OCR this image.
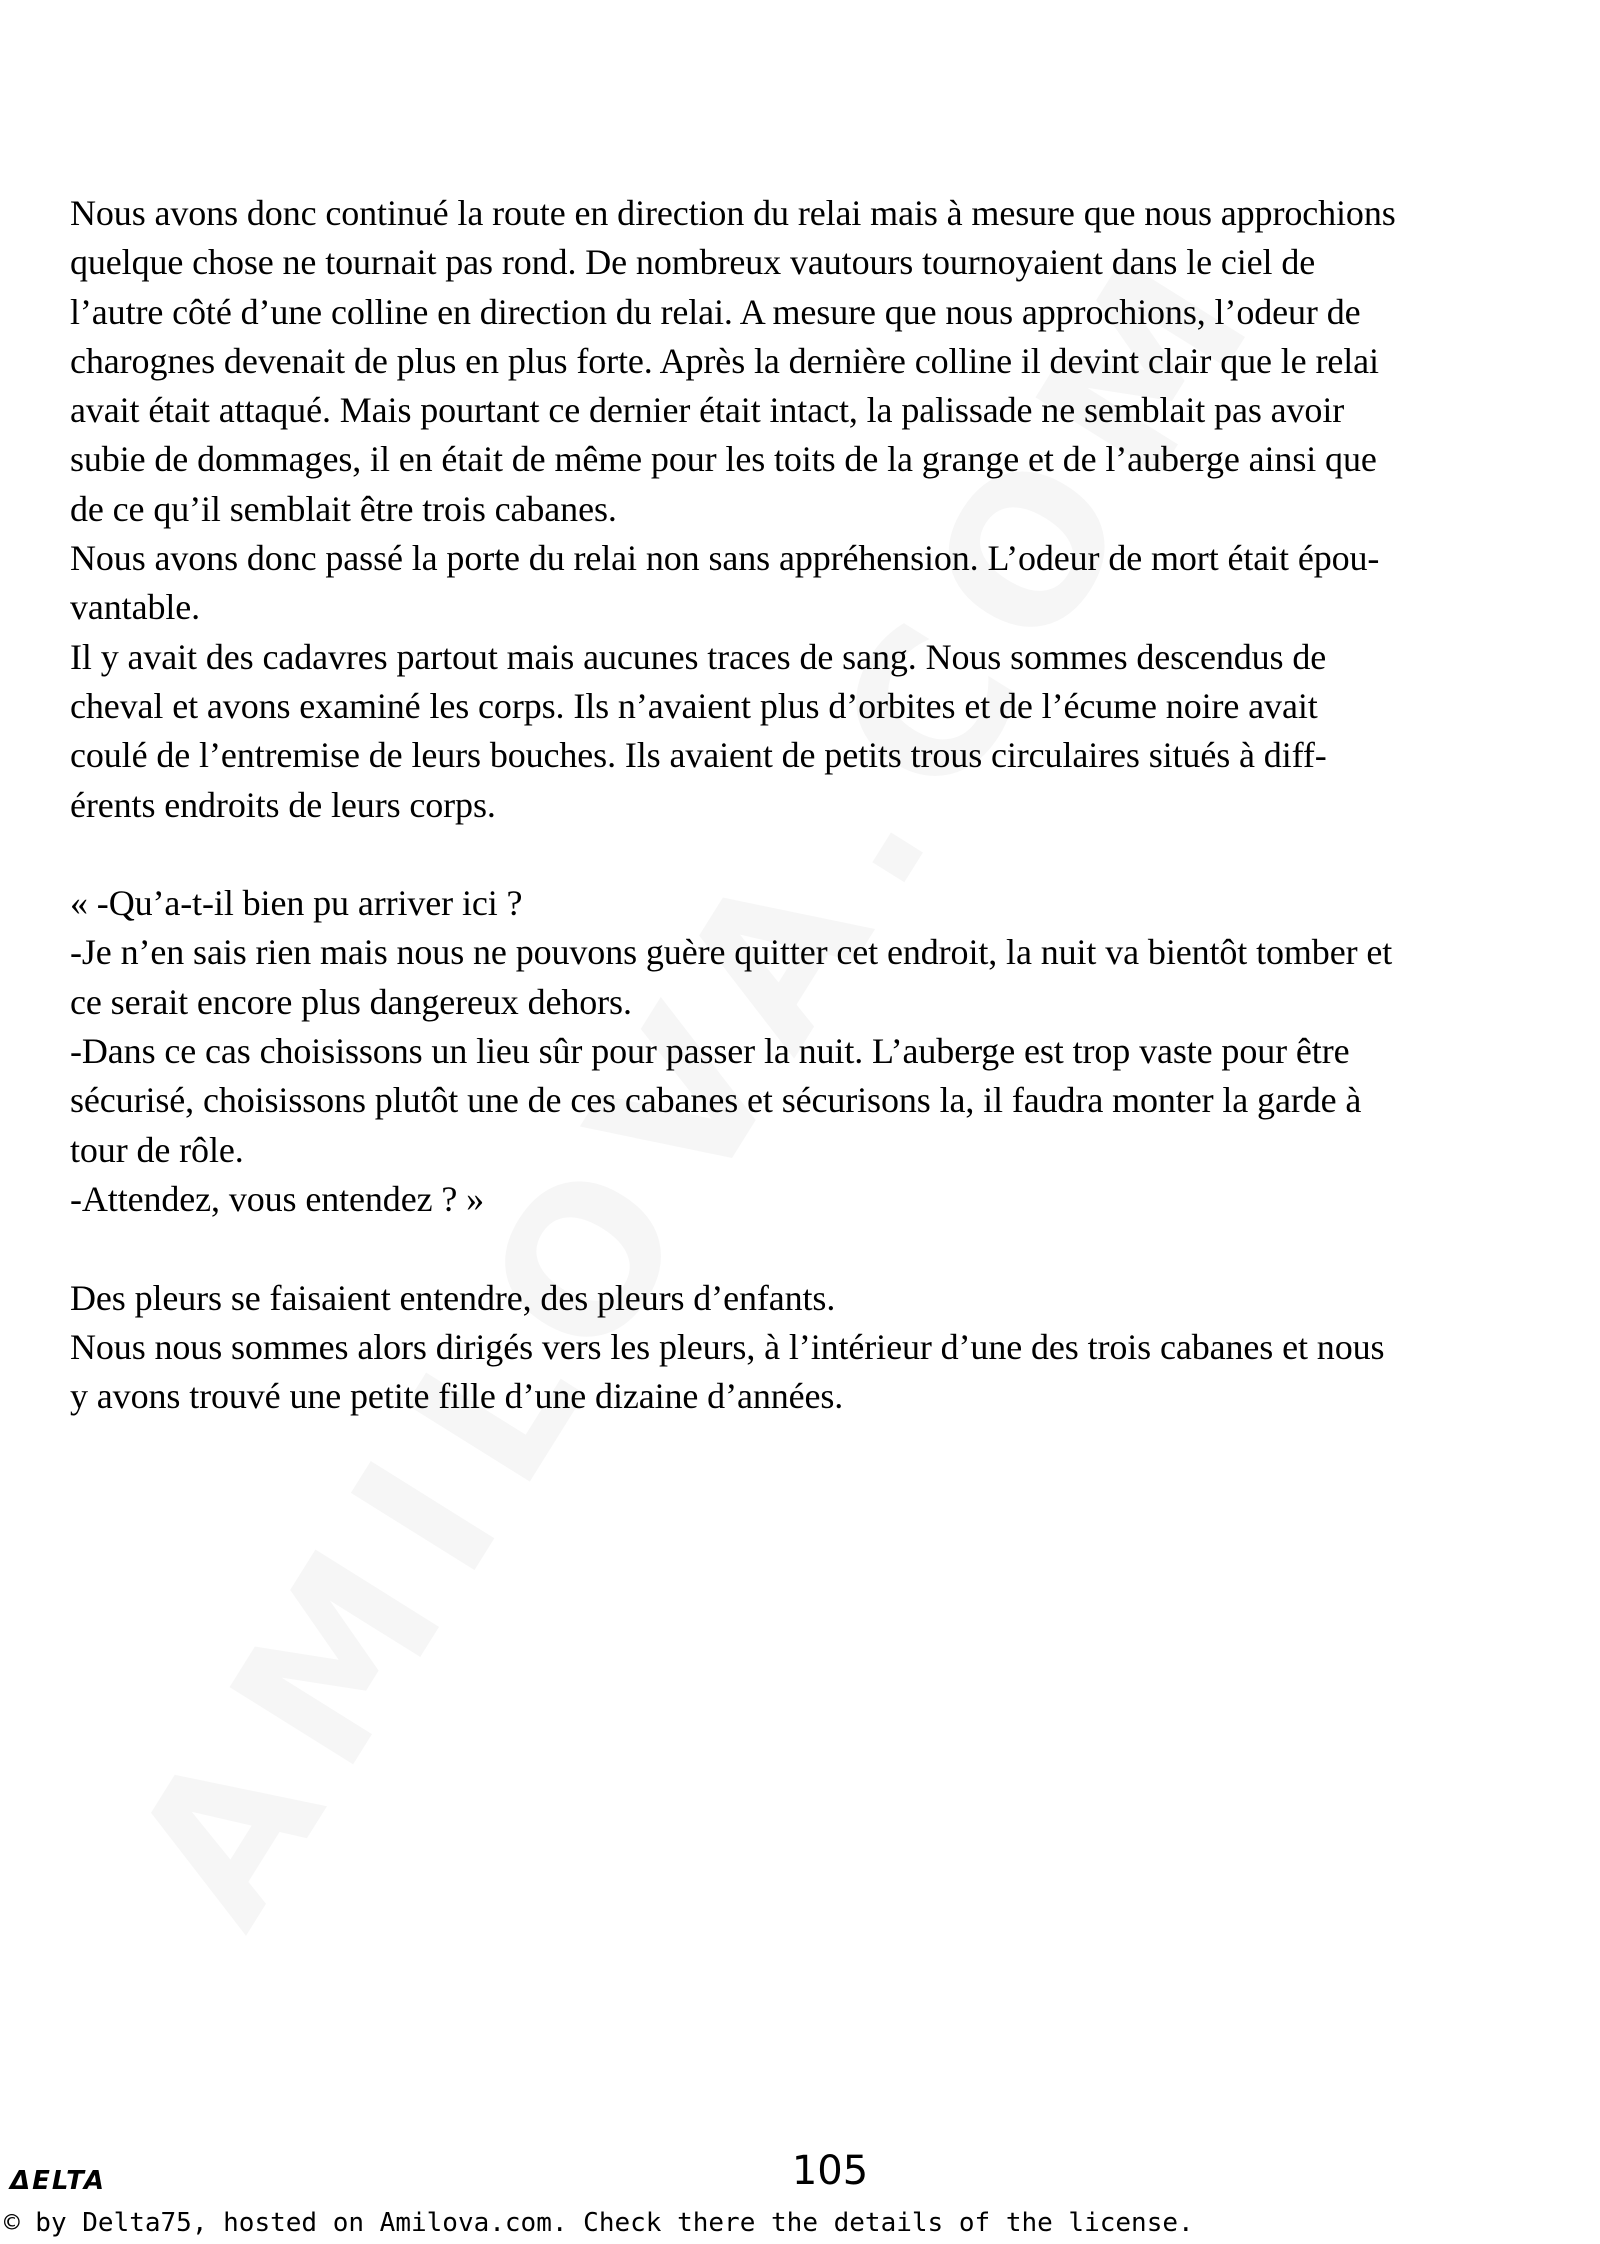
Nous avons donc continué la route en direction du relai mais à mesure que nous approchions
quelque chose ne tournait pas rond. De nombreux vautours tournoyaient dans le ciel de
l’autre côté d’une colline en direction du relai. A mesure que nous approchions, l’odeur de
charognes devenait de plus en plus forte. Après la dernière colline il devint clair que le relai
avait était attaqué. Mais pourtant ce dernier était intact, la palissade ne semblait pas avoir
subie de dommages, il en était de même pour les toits de la grange et de l’auberge ainsi que
de ce qu’il semblait être trois cabanes.
Nous avons donc passé la porte du relai non sans appréhension. L’odeur de mort était épou-
vantable.
Il y avait des cadavres partout mais aucunes traces de sang. Nous sommes descendus de
cheval et avons examiné les corps. Ils n’avaient plus d’orbites et de l’écume noire avait
coulé de l’entremise de leurs bouches. Ils avaient de petits trous circulaires situés à diff-
érents endroits de leurs corps.
« -Qu’a-t-il bien pu arriver ici ?
-Je n’en sais rien mais nous ne pouvons guère quitter cet endroit, la nuit va bientôt tomber et
ce serait encore plus dangereux dehors.
-Dans ce cas choisissons un lieu sûr pour passer la nuit. L’auberge est trop vaste pour être
sécurisé, choisissons plutôt une de ces cabanes et sécurisons la, il faudra monter la garde à
tour de rôle.
-Attendez, vous entendez ? »
Des pleurs se faisaient entendre, des pleurs d’enfants.
Nous nous sommes alors dirigés vers les pleurs, à l’intérieur d’une des trois cabanes et nous
y avons trouvé une petite fille d’une dizaine d’années.
ΔELTA	105
© by Delta75, hosted on Amilova.com. Check there the details of the license.
